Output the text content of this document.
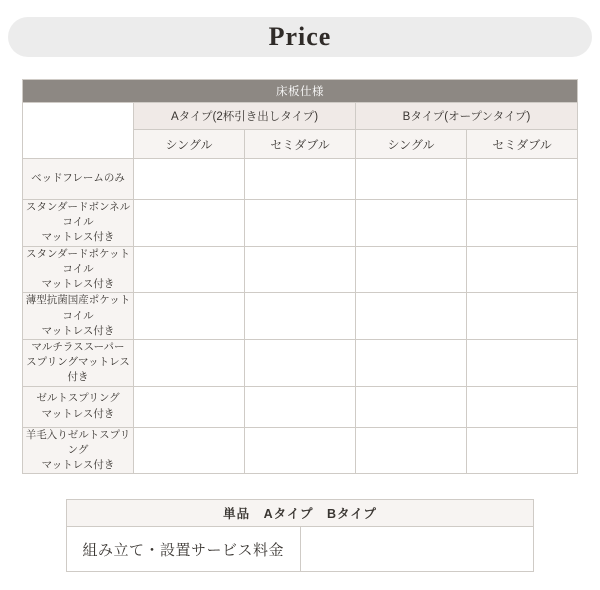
Price
床板仕様				
	Aタイプ(2杯引き出しタイプ)		Bタイプ(オープンタイプ)	
	シングル	セミダブル	シングル	セミダブル

ベッドフレームのみ				

スタンダードボンネルコイル
マットレス付き				

スタンダードポケットコイル
マットレス付き				

薄型抗菌国産ポケットコイル
マットレス付き				

マルチラススーパー
スプリングマットレス付き				

ゼルトスプリング
マットレス付き				

羊毛入りゼルトスプリング
マットレス付き				

単品　Aタイプ　Bタイプ
組み立て・設置サービス料金	
